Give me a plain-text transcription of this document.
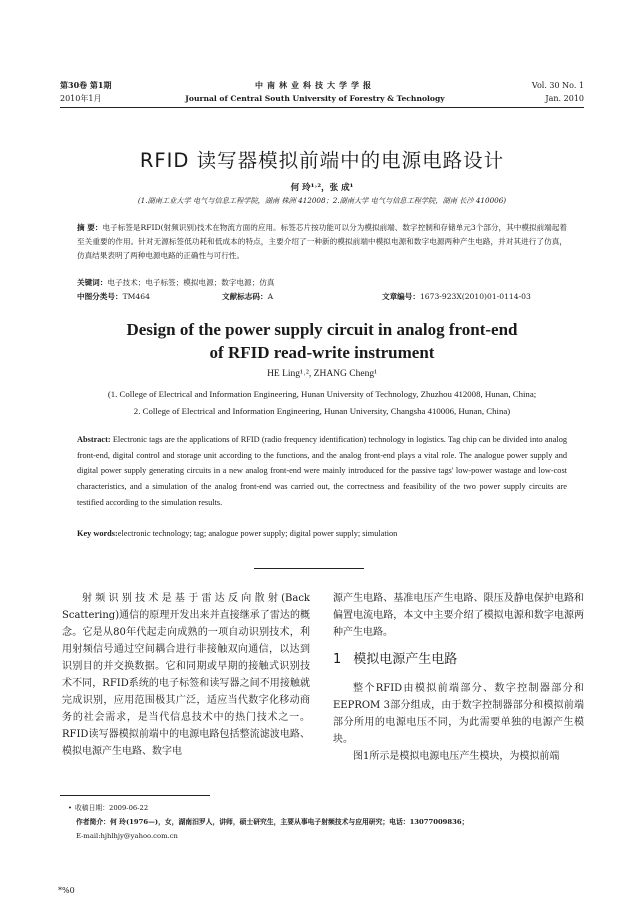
第30卷 第1期
2010年1月
中南林业科技大学学报
Journal of Central South University of Forestry & Technology
Vol. 30 No. 1
Jan. 2010
RFID 读写器模拟前端中的电源电路设计
何 玲¹˒²，张 成¹
(1.湖南工业大学 电气与信息工程学院，湖南 株洲 412008；2.湖南大学 电气与信息工程学院，湖南 长沙 410006)
摘 要：电子标签是RFID(射频识别)技术在物流方面的应用。标签芯片按功能可以分为模拟前端、数字控制和存储单元3个部分，其中模拟前端起着至关重要的作用。针对无源标签低功耗和低成本的特点，主要介绍了一种新的模拟前端中模拟电源和数字电源两种产生电路，并对其进行了仿真，仿真结果表明了两种电源电路的正确性与可行性。
关键词：电子技术；电子标签；模拟电源；数字电源；仿真
中图分类号：TM464	文献标志码：A	文章编号：1673-923X(2010)01-0114-03
Design of the power supply circuit in analog front-end
of RFID read-write instrument
HE Ling¹˒², ZHANG Cheng¹
(1. College of Electrical and Information Engineering, Hunan University of Technology, Zhuzhou 412008, Hunan, China;
2. College of Electrical and Information Engineering, Hunan University, Changsha 410006, Hunan, China)
Abstract: Electronic tags are the applications of RFID (radio frequency identification) technology in logistics. Tag chip can be divided into analog front-end, digital control and storage unit according to the functions, and the analog front-end plays a vital role. The analogue power supply and digital power supply generating circuits in a new analog front-end were mainly introduced for the passive tags' low-power wastage and low-cost characteristics, and a simulation of the analog front-end was carried out, the correctness and feasibility of the two power supply circuits are testified according to the simulation results.
Key words:electronic technology; tag; analogue power supply; digital power supply; simulation
射频识别技术是基于雷达反向散射(Back Scattering)通信的原理开发出来并直接继承了雷达的概念。它是从80年代起走向成熟的一项自动识别技术，利用射频信号通过空间耦合进行非接触双向通信，以达到识别目的并交换数据。它和同期或早期的接触式识别技术不同，RFID系统的电子标签和读写器之间不用接触就完成识别，应用范围极其广泛，适应当代数字化移动商务的社会需求，是当代信息技术中的热门技术之一。RFID读写器模拟前端中的电源电路包括整流滤波电路、模拟电源产生电路、数字电

源产生电路、基准电压产生电路、限压及静电保护电路和偏置电流电路，本文中主要介绍了模拟电源和数字电源两种产生电路。

1 模拟电源产生电路

整个RFID由模拟前端部分、数字控制器部分和EEPROM 3部分组成，由于数字控制器部分和模拟前端部分所用的电源电压不同，为此需要单独的电源产生模块。

图1所示是模拟电源电压产生模块，为模拟前端

• 收稿日期：2009-06-22
作者简介：何 玲(1976—)，女，湖南汨罗人，讲师，硕士研究生，主要从事电子射频技术与应用研究；电话：13077009836；
E-mail:hjhlhjy@yahoo.com.cn
*%0
